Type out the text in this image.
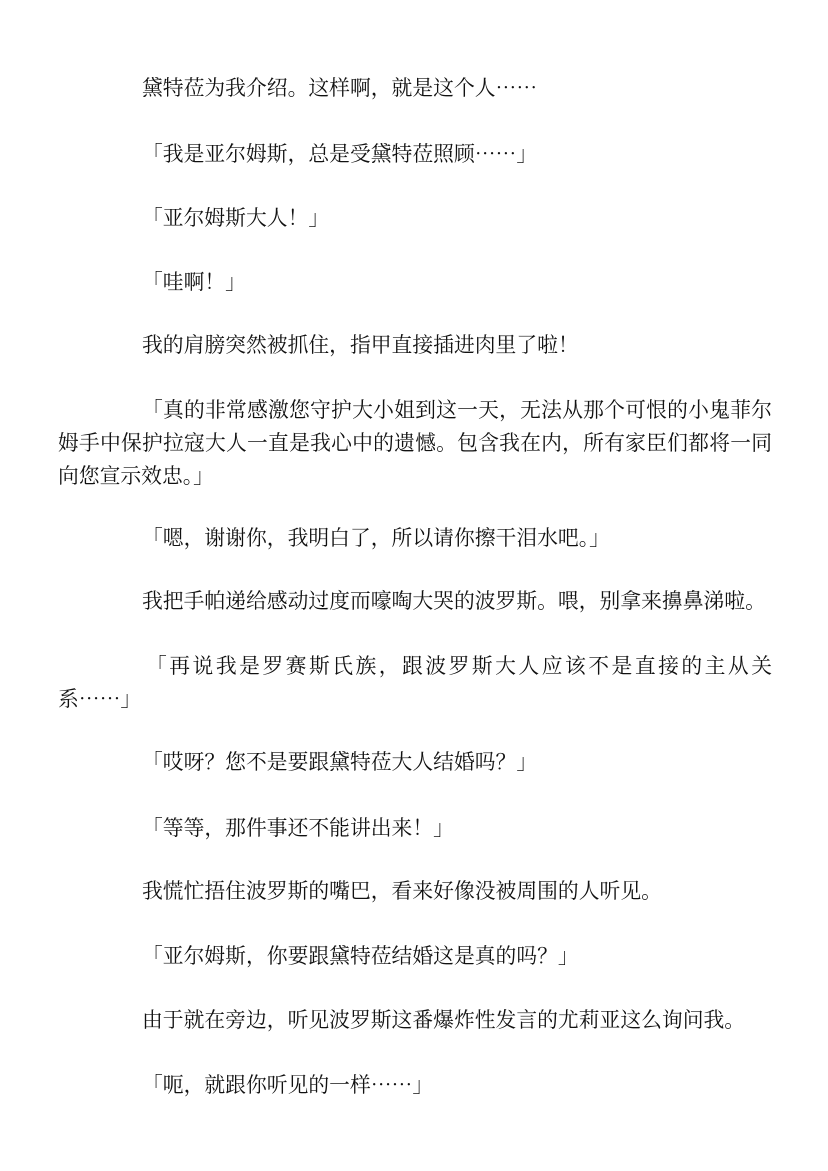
黛特莅为我介绍。这样啊，就是这个人⋯⋯

「我是亚尔姆斯，总是受黛特莅照顾⋯⋯」

「亚尔姆斯大人！」

「哇啊！」

我的肩膀突然被抓住，指甲直接插进肉里了啦！

「真的非常感激您守护大小姐到这一天，无法从那个可恨的小鬼菲尔姆手中保护拉寇大人一直是我心中的遗憾。包含我在内，所有家臣们都将一同向您宣示效忠。」

「嗯，谢谢你，我明白了，所以请你擦干泪水吧。」

我把手帕递给感动过度而嚎啕大哭的波罗斯。喂，别拿来擤鼻涕啦。

「再说我是罗赛斯氏族，跟波罗斯大人应该不是直接的主从关系⋯⋯」

「哎呀？您不是要跟黛特莅大人结婚吗？」

「等等，那件事还不能讲出来！」

我慌忙捂住波罗斯的嘴巴，看来好像没被周围的人听见。

「亚尔姆斯，你要跟黛特莅结婚这是真的吗？」

由于就在旁边，听见波罗斯这番爆炸性发言的尤莉亚这么询问我。

「呃，就跟你听见的一样⋯⋯」
